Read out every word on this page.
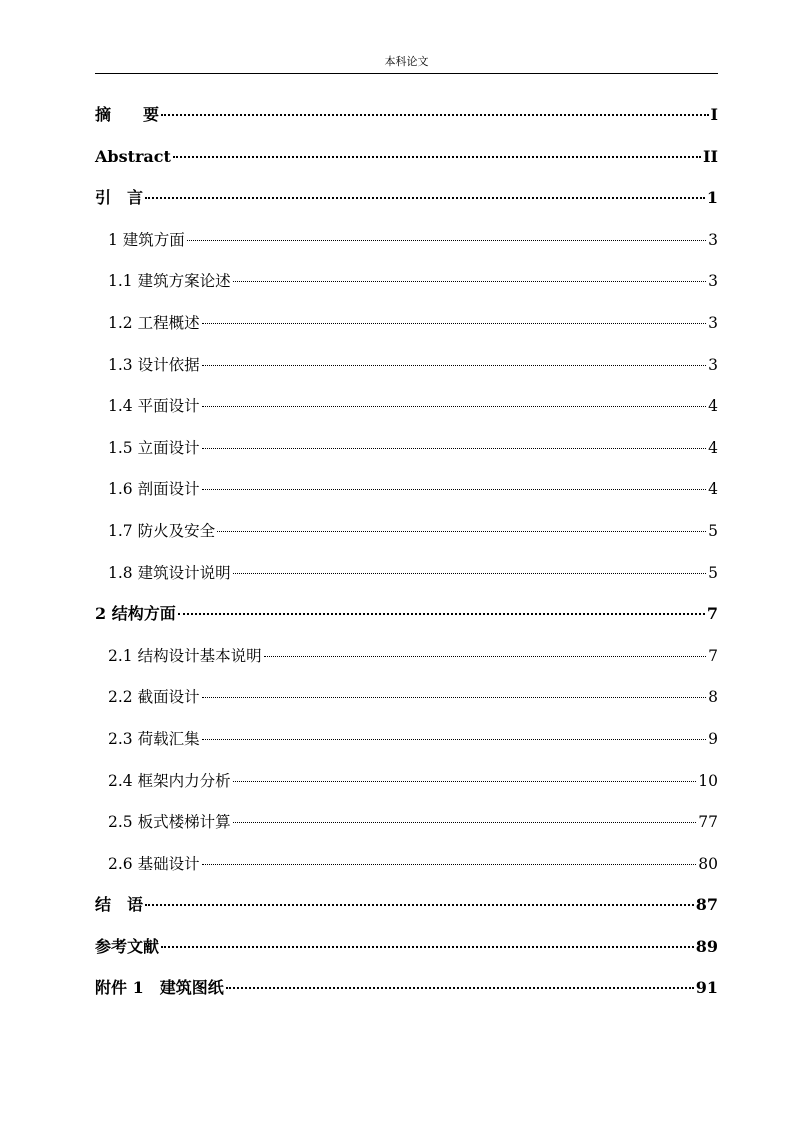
本科论文
摘　　要	I
Abstract	II
引　言	1
1 建筑方面	3
1.1 建筑方案论述	3
1.2 工程概述	3
1.3 设计依据	3
1.4 平面设计	4
1.5 立面设计	4
1.6 剖面设计	4
1.7 防火及安全	5
1.8 建筑设计说明	5
2 结构方面	7
2.1 结构设计基本说明	7
2.2 截面设计	8
2.3 荷载汇集	9
2.4 框架内力分析	10
2.5 板式楼梯计算	77
2.6 基础设计	80
结　语	87
参考文献	89
附件 1　建筑图纸	91
